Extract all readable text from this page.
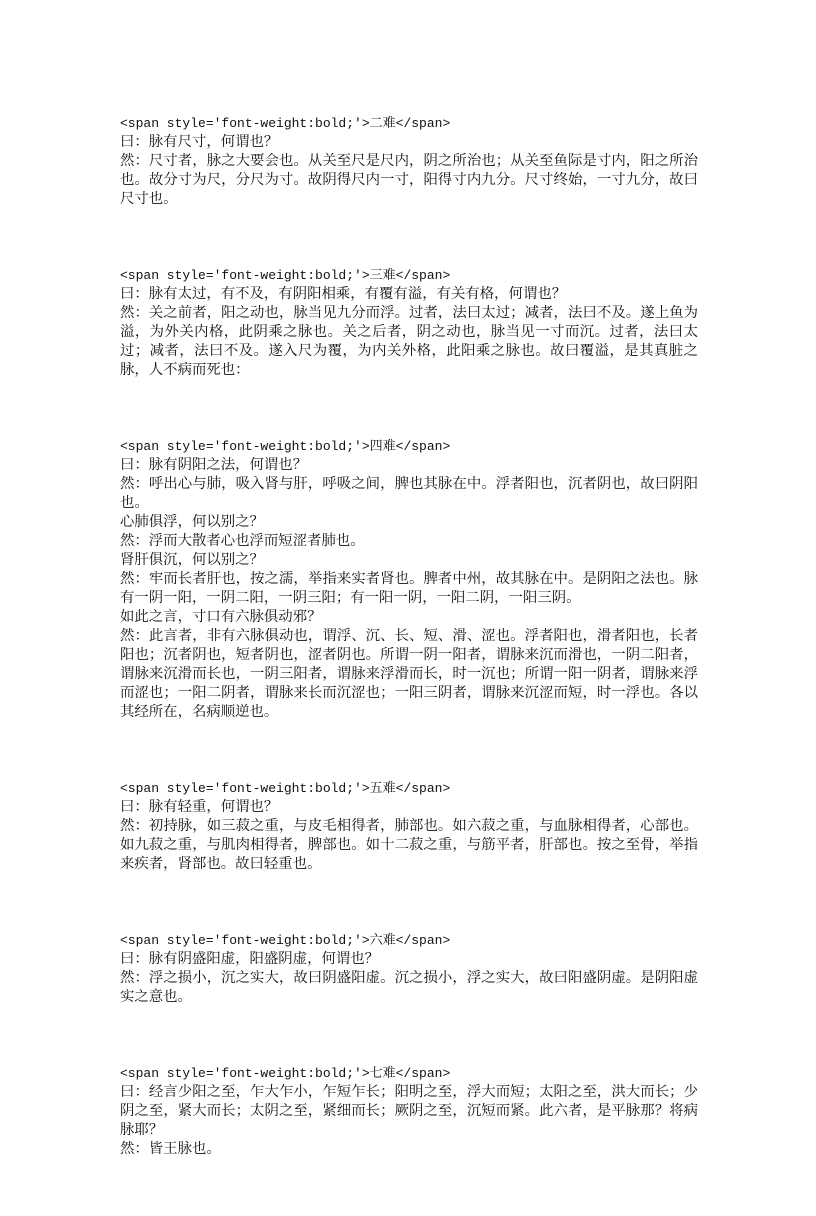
<span style='font-weight:bold;'>二难</span>
曰：脉有尺寸，何谓也？
然：尺寸者，脉之大要会也。从关至尺是尺内，阴之所治也；从关至鱼际是寸内，阳之所治也。故分寸为尺，分尺为寸。故阴得尺内一寸，阳得寸内九分。尺寸终始，一寸九分，故曰尺寸也。
<span style='font-weight:bold;'>三难</span>
曰：脉有太过，有不及，有阴阳相乘，有覆有溢，有关有格，何谓也？
然：关之前者，阳之动也，脉当见九分而浮。过者，法曰太过；减者，法曰不及。遂上鱼为溢，为外关内格，此阴乘之脉也。关之后者，阴之动也，脉当见一寸而沉。过者，法曰太过；减者，法曰不及。遂入尺为覆，为内关外格，此阳乘之脉也。故曰覆溢，是其真脏之脉，人不病而死也：
<span style='font-weight:bold;'>四难</span>
曰：脉有阴阳之法，何谓也？
然：呼出心与肺，吸入肾与肝，呼吸之间，脾也其脉在中。浮者阳也，沉者阴也，故曰阴阳也。
心肺俱浮，何以别之？
然：浮而大散者心也浮而短涩者肺也。
肾肝俱沉，何以别之？
然：牢而长者肝也，按之濡，举指来实者肾也。脾者中州，故其脉在中。是阴阳之法也。脉有一阴一阳，一阴二阳，一阴三阳；有一阳一阴，一阳二阴，一阳三阴。
如此之言，寸口有六脉俱动邪？
然：此言者，非有六脉俱动也，谓浮、沉、长、短、滑、涩也。浮者阳也，滑者阳也，长者阳也；沉者阴也，短者阴也，涩者阴也。所谓一阴一阳者，谓脉来沉而滑也，一阴二阳者，谓脉来沉滑而长也，一阴三阳者，谓脉来浮滑而长，时一沉也；所谓一阳一阴者，谓脉来浮而涩也；一阳二阴者，谓脉来长而沉涩也；一阳三阴者，谓脉来沉涩而短，时一浮也。各以其经所在，名病顺逆也。
<span style='font-weight:bold;'>五难</span>
曰：脉有轻重，何谓也？
然：初持脉，如三菽之重，与皮毛相得者，肺部也。如六菽之重，与血脉相得者，心部也。如九菽之重，与肌肉相得者，脾部也。如十二菽之重，与筋平者，肝部也。按之至骨，举指来疾者，肾部也。故曰轻重也。
<span style='font-weight:bold;'>六难</span>
曰：脉有阴盛阳虚，阳盛阴虚，何谓也？
然：浮之损小，沉之实大，故曰阴盛阳虚。沉之损小，浮之实大，故曰阳盛阴虚。是阴阳虚实之意也。
<span style='font-weight:bold;'>七难</span>
曰：经言少阳之至，乍大乍小，乍短乍长；阳明之至，浮大而短；太阳之至，洪大而长；少阴之至，紧大而长；太阴之至，紧细而长；厥阴之至，沉短而紧。此六者，是平脉那？将病脉耶？
然：皆王脉也。
